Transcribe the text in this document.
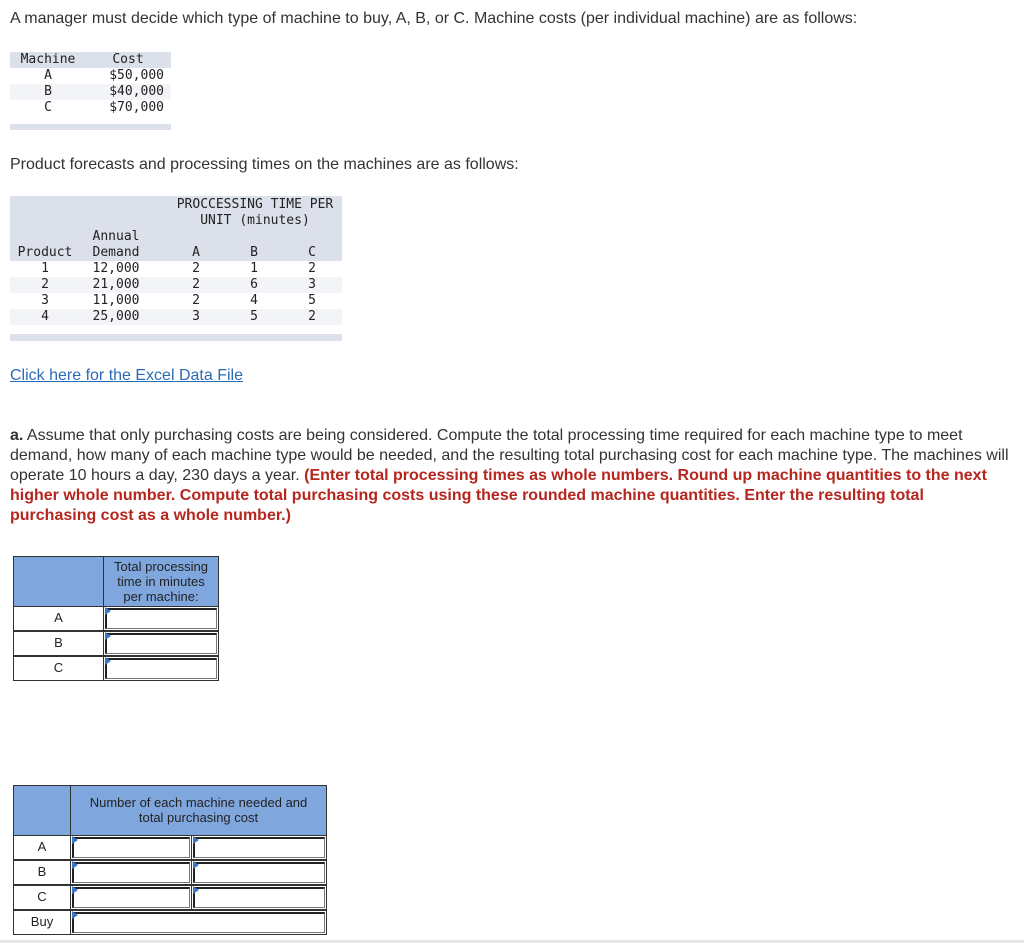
A manager must decide which type of machine to buy, A, B, or C. Machine costs (per individual machine) are as follows:
Machine	Cost
A	$50,000
B	$40,000
C	$70,000
Product forecasts and processing times on the machines are as follows:
PROCCESSING TIME PER
UNIT (minutes)
Annual
Product	Demand	A	B	C
1	12,000	2	1	2
2	21,000	2	6	3
3	11,000	2	4	5
4	25,000	3	5	2
Click here for the Excel Data File
a. Assume that only purchasing costs are being considered. Compute the total processing time required for each machine type to meet demand, how many of each machine type would be needed, and the resulting total purchasing cost for each machine type. The machines will operate 10 hours a day, 230 days a year. (Enter total processing times as whole numbers. Round up machine quantities to the next higher whole number. Compute total purchasing costs using these rounded machine quantities. Enter the resulting total purchasing cost as a whole number.)
Total processing
time in minutes
per machine:
A
B
C
Number of each machine needed and
total purchasing cost
A
B
C
Buy
